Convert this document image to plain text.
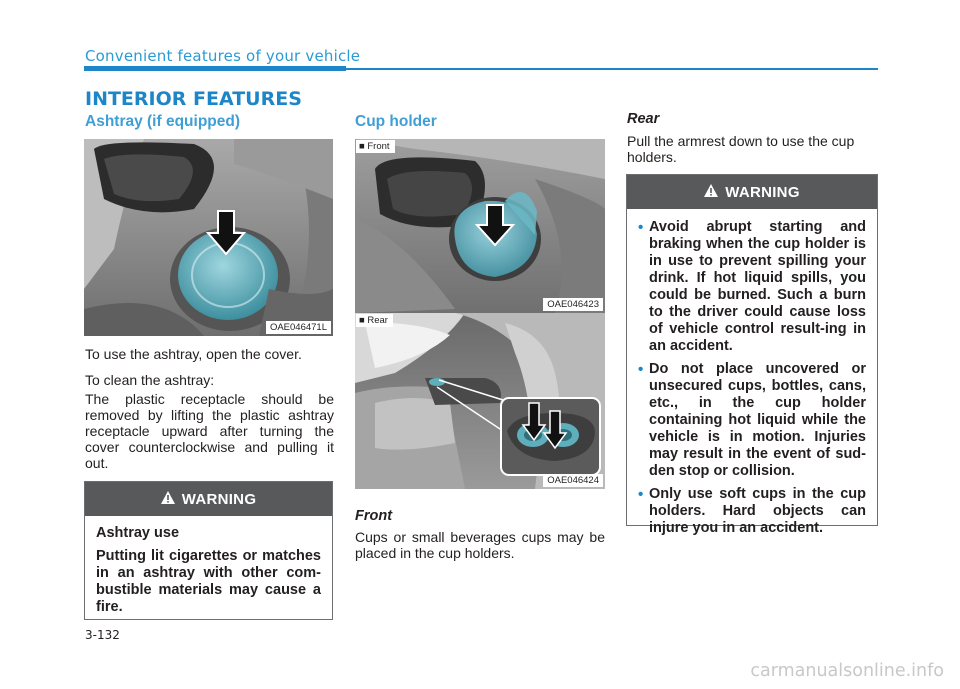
Convenient features of your vehicle
INTERIOR FEATURES
Ashtray (if equipped)
OAE046471L
To use the ashtray, open the cover.
To clean the ashtray:
The plastic receptacle should be removed by lifting the plastic ashtray receptacle upward after turning the cover counterclockwise and pulling it out.
WARNING

Ashtray use

Putting lit cigarettes or matches in an ashtray with other com-bustible materials may cause a fire.

Cup holder
■ Front
OAE046423
■ Rear
OAE046424
Front
Cups or small beverages cups may be placed in the cup holders.
Rear
Pull the armrest down to use the cup holders.
WARNING
• Avoid abrupt starting and braking when the cup holder is in use to prevent spilling your drink. If hot liquid spills, you could be burned. Such a burn to the driver could cause loss of vehicle control result-ing in an accident.
• Do not place uncovered or unsecured cups, bottles, cans, etc., in the cup holder containing hot liquid while the vehicle is in motion. Injuries may result in the event of sud-den stop or collision.
• Only use soft cups in the cup holders. Hard objects can injure you in an accident.
3-132
carmanualsonline.info
